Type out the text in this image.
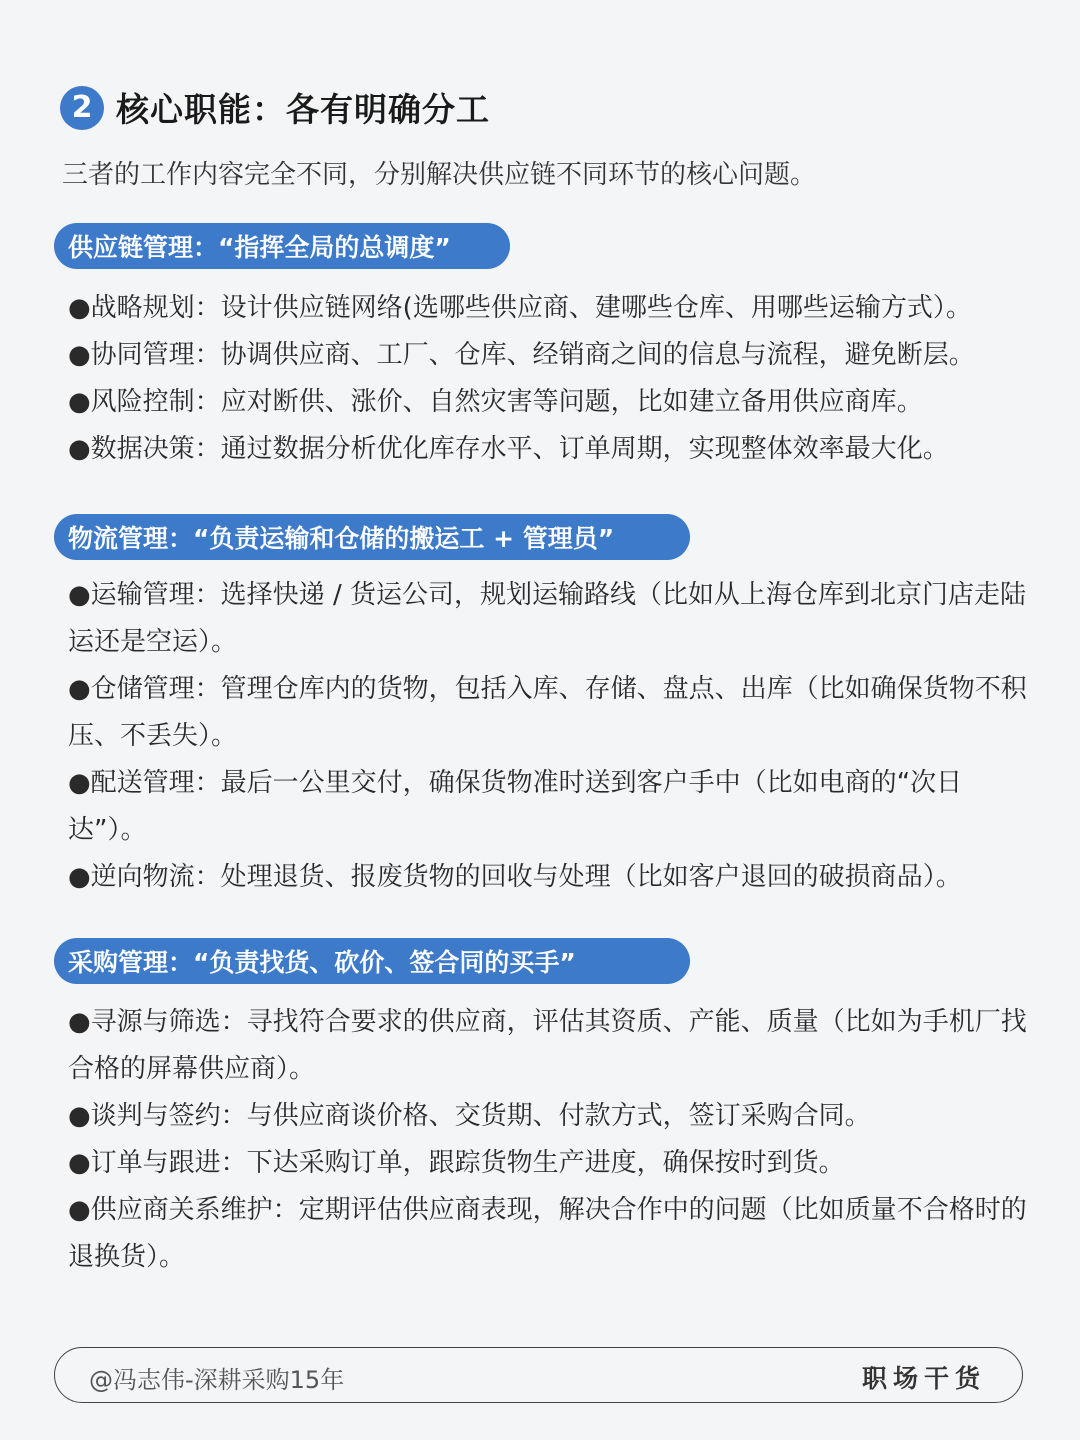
2 核心职能：各有明确分工
三者的工作内容完全不同，分别解决供应链不同环节的核心问题。
供应链管理：“指挥全局的总调度”

●战略规划：设计供应链网络(选哪些供应商、建哪些仓库、用哪些运输方式）。

●协同管理：协调供应商、工厂、仓库、经销商之间的信息与流程，避免断层。

●风险控制：应对断供、涨价、自然灾害等问题，比如建立备用供应商库。

●数据决策：通过数据分析优化库存水平、订单周期，实现整体效率最大化。

物流管理：“负责运输和仓储的搬运工 + 管理员”

●运输管理：选择快递 / 货运公司，规划运输路线（比如从上海仓库到北京门店走陆运还是空运）。

●仓储管理：管理仓库内的货物，包括入库、存储、盘点、出库（比如确保货物不积压、不丢失）。

●配送管理：最后一公里交付，确保货物准时送到客户手中（比如电商的“次日达”）。

●逆向物流：处理退货、报废货物的回收与处理（比如客户退回的破损商品）。

采购管理：“负责找货、砍价、签合同的买手”

●寻源与筛选：寻找符合要求的供应商，评估其资质、产能、质量（比如为手机厂找合格的屏幕供应商）。

●谈判与签约：与供应商谈价格、交货期、付款方式，签订采购合同。

●订单与跟进：下达采购订单，跟踪货物生产进度，确保按时到货。

●供应商关系维护：定期评估供应商表现，解决合作中的问题（比如质量不合格时的退换货）。

@冯志伟-深耕采购15年	职场干货
